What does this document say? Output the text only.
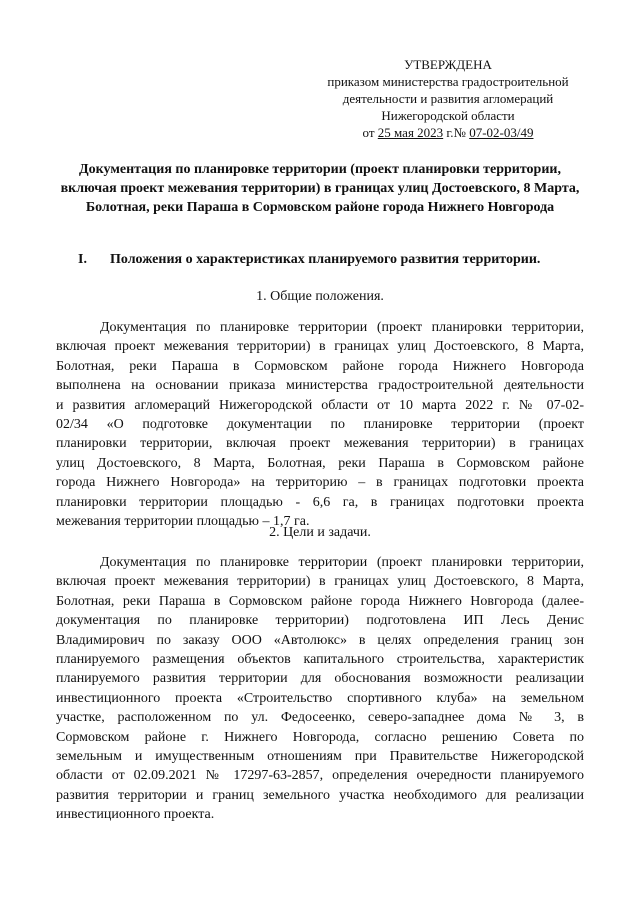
УТВЕРЖДЕНА
приказом министерства градостроительной
деятельности и развития агломераций
Нижегородской области
от 25 мая 2023 г.№ 07-02-03/49
Документация по планировке территории (проект планировки территории, включая проект межевания территории) в границах улиц Достоевского, 8 Марта, Болотная, реки Параша в Сормовском районе города Нижнего Новгорода
I. Положения о характеристиках планируемого развития территории.
1. Общие положения.
Документация по планировке территории (проект планировки территории,
включая проект межевания территории) в границах улиц Достоевского, 8 Марта,
Болотная, реки Параша в Сормовском районе города Нижнего Новгорода
выполнена на основании приказа министерства градостроительной деятельности
и развития агломераций Нижегородской области от 10 марта 2022 г. № 07-02-
02/34 «О подготовке документации по планировке территории (проект
планировки территории, включая проект межевания территории) в границах
улиц Достоевского, 8 Марта, Болотная, реки Параша в Сормовском районе
города Нижнего Новгорода» на территорию – в границах подготовки проекта
планировки территории площадью - 6,6 га, в границах подготовки проекта
межевания территории площадью – 1,7 га.
2. Цели и задачи.
Документация по планировке территории (проект планировки территории,
включая проект межевания территории) в границах улиц Достоевского, 8 Марта,
Болотная, реки Параша в Сормовском районе города Нижнего Новгорода (далее-
документация по планировке территории) подготовлена ИП Лесь Денис
Владимирович по заказу ООО «Автолюкс» в целях определения границ зон
планируемого размещения объектов капитального строительства, характеристик
планируемого развития территории для обоснования возможности реализации
инвестиционного проекта «Строительство спортивного клуба» на земельном
участке, расположенном по ул. Федосеенко, северо-западнее дома № 3, в
Сормовском районе г. Нижнего Новгорода, согласно решению Совета по
земельным и имущественным отношениям при Правительстве Нижегородской
области от 02.09.2021 № 17297-63-2857, определения очередности планируемого
развития территории и границ земельного участка необходимого для реализации
инвестиционного проекта.
